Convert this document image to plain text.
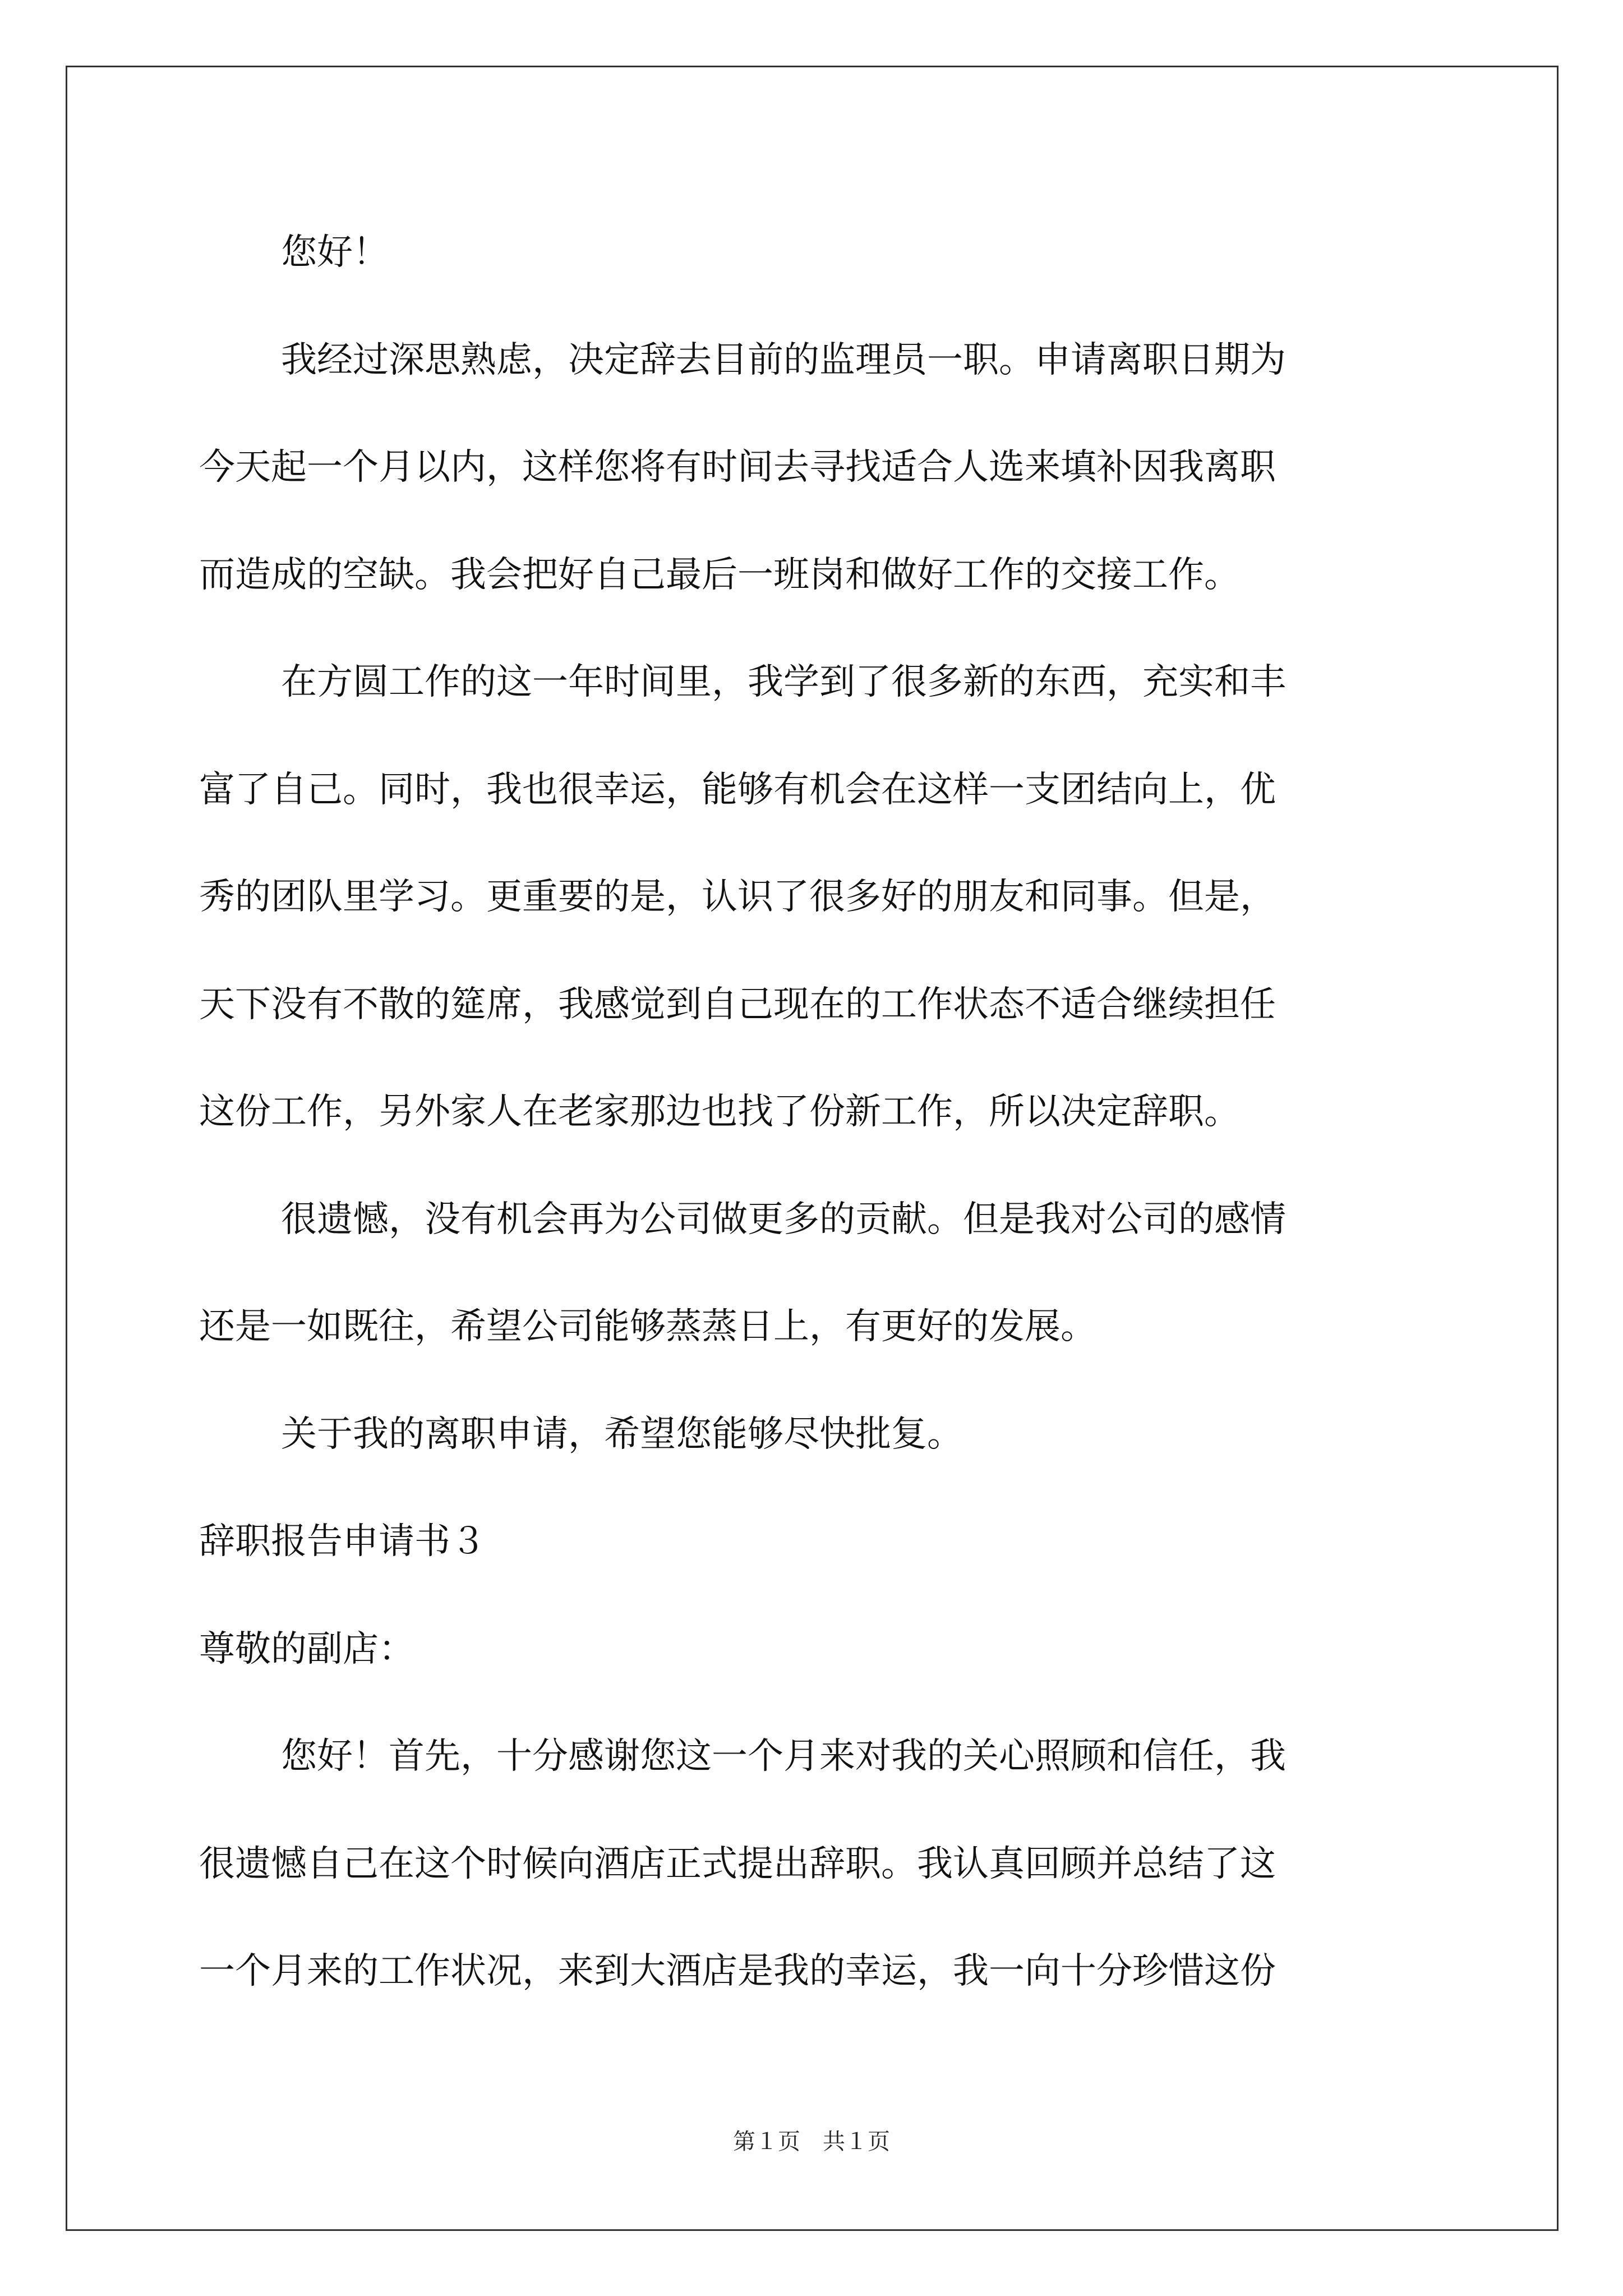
您好！
我经过深思熟虑，决定辞去目前的监理员一职。申请离职日期为
今天起一个月以内，这样您将有时间去寻找适合人选来填补因我离职
而造成的空缺。我会把好自己最后一班岗和做好工作的交接工作。
在方圆工作的这一年时间里，我学到了很多新的东西，充实和丰
富了自己。同时，我也很幸运，能够有机会在这样一支团结向上，优
秀的团队里学习。更重要的是，认识了很多好的朋友和同事。但是，
天下没有不散的筵席，我感觉到自己现在的工作状态不适合继续担任
这份工作，另外家人在老家那边也找了份新工作，所以决定辞职。
很遗憾，没有机会再为公司做更多的贡献。但是我对公司的感情
还是一如既往，希望公司能够蒸蒸日上，有更好的发展。
关于我的离职申请，希望您能够尽快批复。
辞职报告申请书３
尊敬的副店：
您好！首先，十分感谢您这一个月来对我的关心照顾和信任，我
很遗憾自己在这个时候向酒店正式提出辞职。我认真回顾并总结了这
一个月来的工作状况，来到大酒店是我的幸运，我一向十分珍惜这份
第１页　共１页
